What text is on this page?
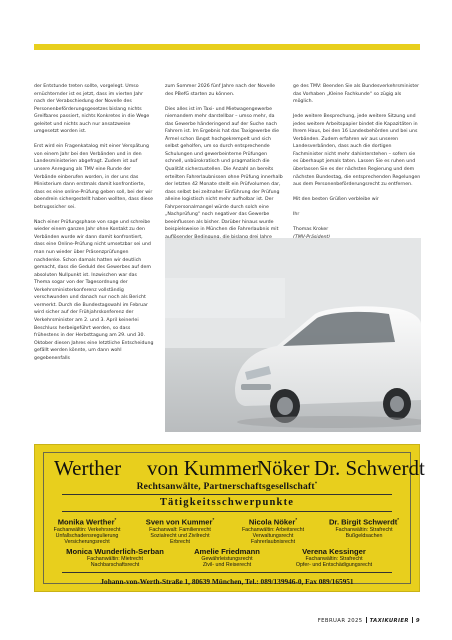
der Entstunde treten sollte, vorgelegt. Umso ernüchternder ist es jetzt, dass im vierten Jahr nach der Verabschiedung der Novelle des Personenbeförderungsgesetzes bislang nichts Greifbares passiert, nichts Konkretes in die Wege geleitet und nichts auch nur ansatzweise umgesetzt worden ist.

Erst wird ein Fragenkatalog mit einer Verspätung von einem Jahr bei den Verbänden und in den Landesministerien abgefragt. Zudem ist auf unsere Anregung als TMV eine Runde der Verbände einberufen worden, in der uns das Ministerium dann erstmals damit konfrontierte, dass es eine online-Prüfung geben soll, bei der wir obendrein sichergestellt haben wollten, dass diese betrugssicher sei.

Nach einer Prüfungsphase von sage und schreibe wieder einem ganzen Jahr ohne Kontakt zu den Verbänden wurde wir dann damit konfrontiert, dass eine Online-Prüfung nicht umsetzbar sei und man nun wieder über Präsenzprüfungen nachdenke. Schon damals hatten wir deutlich gemacht, dass die Geduld des Gewerbes auf dem absoluten Nullpunkt ist. Inzwischen war das Thema sogar von der Tagesordnung der Verkehrsministerkonferenz vollständig verschwunden und danach nur noch als Bericht vermerkt. Durch die Bundestagswahl im Februar wird sicher auf der Frühjahrskonferenz der Verkehrsminister am 2. und 3. April keinerlei Beschluss herbeigeführt werden, so dass frühestens in der Herbsttagung am 29. und 30. Oktober diesen Jahres eine letztliche Entscheidung gefällt werden könnte, um dann wohl gegebenenfalls

zum Sommer 2026 fünf Jahre nach der Novelle des PBefG starten zu können.

Dies alles ist im Taxi- und Mietwagengewerbe niemandem mehr darstellbar – umso mehr, da das Gewerbe händeringend auf der Suche nach Fahrern ist. Im Ergebnis hat das Taxigewerbe die Ärmel schon längst hochgekrempelt und sich selbst geholfen, um so durch entsprechende Schulungen und gewerbeinterne Prüfungen schnell, unbürokratisch und pragmatisch die Qualität sicherzustellen. Die Anzahl an bereits erteilten Fahrerlaubnissen ohne Prüfung innerhalb der letzten 42 Monate stellt ein Prüfvolumen dar, dass selbst bei zeitnaher Einführung der Prüfung alleine logistisch nicht mehr aufholbar ist. Der Fahrpersonalmangel würde durch solch eine „Nachprüfung“ noch negativer das Gewerbe beeinflussen als bisher. Darüber hinaus wurde beispielsweise in München die Fahrerlaubnis mit

ge des TMV: Beenden Sie als Bundesverkehrsminister das Vorhaben „Kleine Fachkunde“ so zügig als möglich.

Jede weitere Besprechung, jede weitere Sitzung und jedes weitere Arbeitspapier bindet die Kapazitäten in Ihrem Haus, bei den 16 Landesbehörden und bei uns Verbänden. Zudem erfahren wir aus unseren Landesverbänden, dass auch die dortigen Fachminister nicht mehr dahinterstehen – sofern sie es überhaupt jemals taten. Lassen Sie es ruhen und überlassen Sie es der nächsten Regierung und dem nächsten Bundestag, die entsprechenden Regelungen aus dem Personenbeförderungsrecht zu entfernen.

Mit den besten Grüßen verbleibe wir

Ihr

Thomas Kroker

Werther von Kummer
Nöker Dr. Schwerdt
Rechtsanwälte, Partnerschaftsgesellschaft*
Tätigkeitsschwerpunkte
Monika Werther*
Fachanwältin: Verkehrsrecht
Unfallschadensregulierung
Versicherungsrecht
Sven von Kummer*
Fachanwalt: Familienrecht
Sozialrecht und Zivilrecht
Erbrecht
Nicola Nöker*
Fachanwältin: Arbeitsrecht
Verwaltungsrecht
Fahrerlaubnisrecht
Dr. Birgit Schwerdt*
Fachanwältin: Strafrecht
Bußgeldsachen
Monica Wunderlich-Serban
Fachanwältin: Mietrecht
Nachbarschaftsrecht
Amelie Friedmann
Gewährleistungsrecht
Zivil- und Reiserecht
Verena Kessinger
Fachanwältin: Strafrecht
Opfer- und Entschädigungsrecht
Johann-von-Werth-Straße 1, 80639 München, Tel.: 089/139946-0, Fax 089/165951
FEBRUAR 2025 TAXIKURIER 9
